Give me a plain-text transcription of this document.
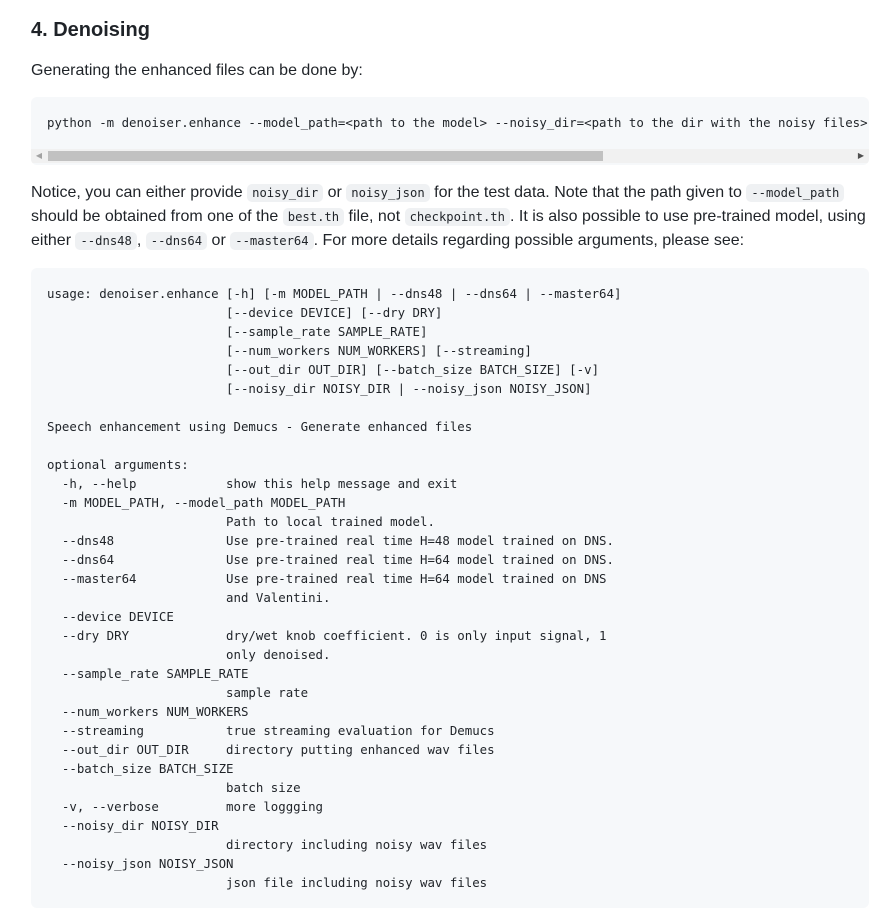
4. Denoising

Generating the enhanced files can be done by:

python -m denoiser.enhance --model_path=<path to the model> --noisy_dir=<path to the dir with the noisy files>
◀	▶

Notice, you can either provide noisy_dir or noisy_json for the test data. Note that the path given to --model_path should be obtained from one of the best.th file, not checkpoint.th . It is also possible to use pre-trained model, using either --dns48 , --dns64 or --master64 . For more details regarding possible arguments, please see:

usage: denoiser.enhance [-h] [-m MODEL_PATH | --dns48 | --dns64 | --master64]
[--device DEVICE] [--dry DRY]
[--sample_rate SAMPLE_RATE]
[--num_workers NUM_WORKERS] [--streaming]
[--out_dir OUT_DIR] [--batch_size BATCH_SIZE] [-v]
[--noisy_dir NOISY_DIR | --noisy_json NOISY_JSON]

Speech enhancement using Demucs - Generate enhanced files

optional arguments:
-h, --help            show this help message and exit
-m MODEL_PATH, --model_path MODEL_PATH
Path to local trained model.
--dns48               Use pre-trained real time H=48 model trained on DNS.
--dns64               Use pre-trained real time H=64 model trained on DNS.
--master64            Use pre-trained real time H=64 model trained on DNS
and Valentini.
--device DEVICE
--dry DRY             dry/wet knob coefficient. 0 is only input signal, 1
only denoised.
--sample_rate SAMPLE_RATE
sample rate
--num_workers NUM_WORKERS
--streaming           true streaming evaluation for Demucs
--out_dir OUT_DIR     directory putting enhanced wav files
--batch_size BATCH_SIZE
batch size
-v, --verbose         more loggging
--noisy_dir NOISY_DIR
directory including noisy wav files
--noisy_json NOISY_JSON
json file including noisy wav files
